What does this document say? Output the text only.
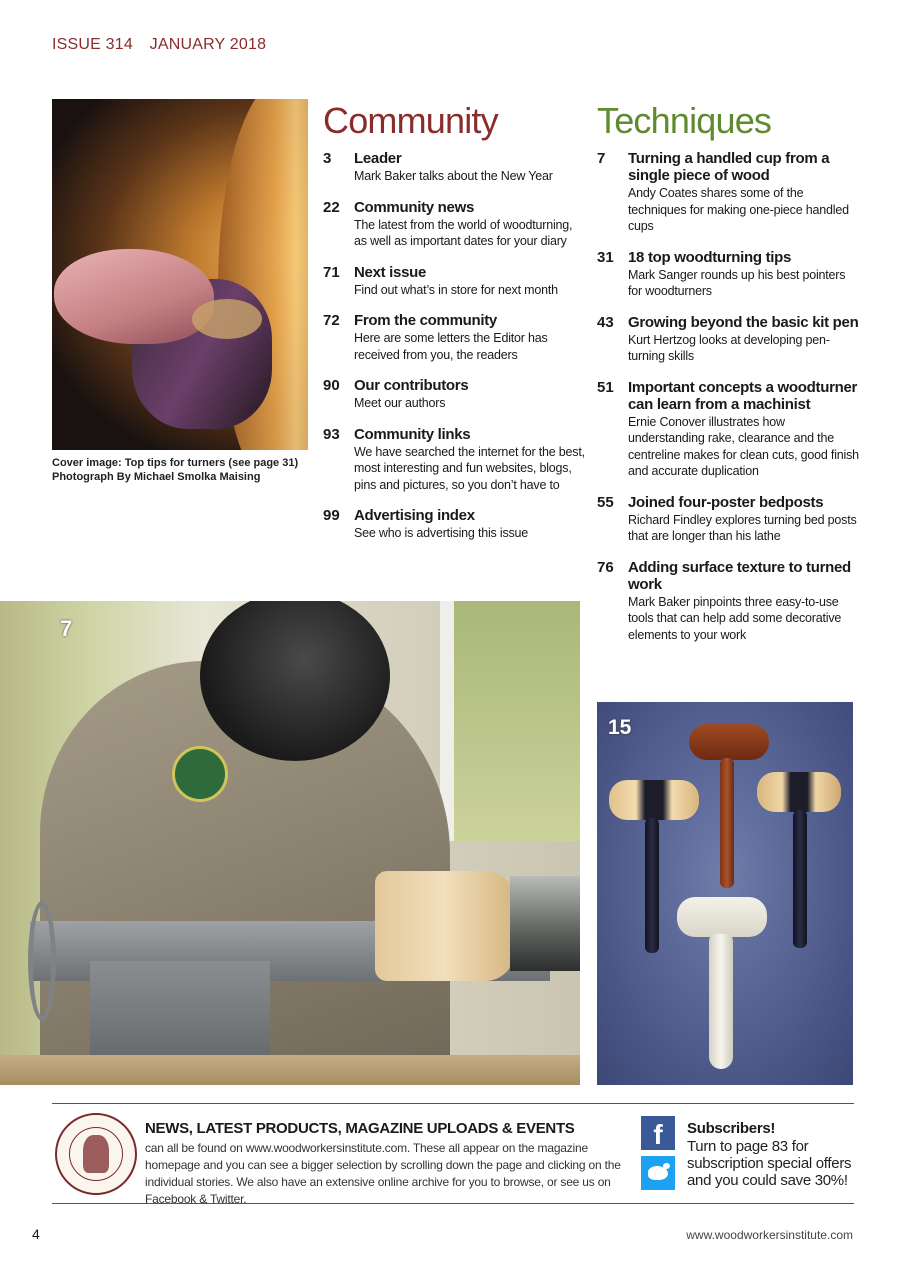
ISSUE 314 JANUARY 2018
Cover image: Top tips for turners (see page 31)
Photograph By Michael Smolka Maising
Community
3	Leader
Mark Baker talks about the New Year
22 Community news
The latest from the world of woodturning, as well as important dates for your diary
71 Next issue
Find out what’s in store for next month
72 From the community
Here are some letters the Editor has received from you, the readers
90 Our contributors
Meet our authors
93 Community links
We have searched the internet for the best, most interesting and fun websites, blogs, pins and pictures, so you don’t have to
99 Advertising index
See who is advertising this issue
Techniques
7	Turning a handled cup from a single piece of wood
Andy Coates shares some of the techniques for making one-piece handled cups
31 18 top woodturning tips
Mark Sanger rounds up his best pointers for woodturners
43 Growing beyond the basic kit pen
Kurt Hertzog looks at developing pen-turning skills
51 Important concepts a woodturner can learn from a machinist
Ernie Conover illustrates how understanding rake, clearance and the centreline makes for clean cuts, good finish and accurate duplication
55 Joined four-poster bedposts
Richard Findley explores turning bed posts that are longer than his lathe
76 Adding surface texture to turned work
Mark Baker pinpoints three easy-to-use tools that can help add some decorative elements to your work
7
15
NEWS, LATEST PRODUCTS, MAGAZINE UPLOADS & EVENTS
can all be found on www.woodworkersinstitute.com. These all appear on the magazine homepage and you can see a bigger selection by scrolling down the page and clicking on the individual stories. We also have an extensive online archive for you to browse, or see us on Facebook & Twitter.
f	Subscribers!
Turn to page 83 for subscription special offers and you could save 30%!
4	www.woodworkersinstitute.com
